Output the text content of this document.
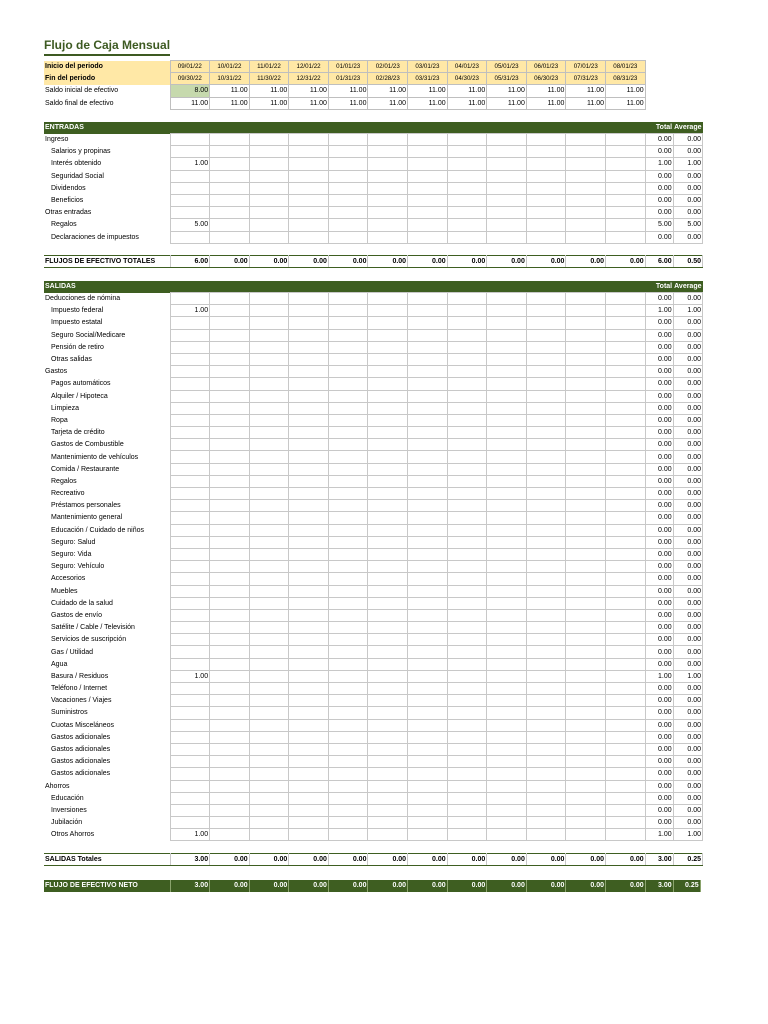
Flujo de Caja Mensual
Inicio del periodo	09/01/22	10/01/22	11/01/22	12/01/22	01/01/23	02/01/23	03/01/23	04/01/23	05/01/23	06/01/23	07/01/23	08/01/23
Fin del periodo	09/30/22	10/31/22	11/30/22	12/31/22	01/31/23	02/28/23	03/31/23	04/30/23	05/31/23	06/30/23	07/31/23	08/31/23
Saldo inicial de efectivo	8.00	11.00	11.00	11.00	11.00	11.00	11.00	11.00	11.00	11.00	11.00	11.00
Saldo final de efectivo	11.00	11.00	11.00	11.00	11.00	11.00	11.00	11.00	11.00	11.00	11.00	11.00
ENTRADAS													Total	Average
Ingreso													0.00	0.00
Salarios y propinas													0.00	0.00
Interés obtenido	1.00												1.00	1.00
Seguridad Social													0.00	0.00
Dividendos													0.00	0.00
Beneficios													0.00	0.00
Otras entradas													0.00	0.00
Regalos	5.00												5.00	5.00
Declaraciones de impuestos													0.00	0.00

FLUJOS DE EFECTIVO TOTALES	6.00	0.00	0.00	0.00	0.00	0.00	0.00	0.00	0.00	0.00	0.00	0.00	6.00	0.50
SALIDAS													Total	Average
Deducciones de nómina													0.00	0.00
Impuesto federal	1.00												1.00	1.00
Impuesto estatal													0.00	0.00
Seguro Social/Medicare													0.00	0.00
Pensión de retiro													0.00	0.00
Otras salidas													0.00	0.00
Gastos													0.00	0.00
Pagos automáticos													0.00	0.00
Alquiler / Hipoteca													0.00	0.00
Limpieza													0.00	0.00
Ropa													0.00	0.00
Tarjeta de crédito													0.00	0.00
Gastos de Combustible													0.00	0.00
Mantenimiento de vehículos													0.00	0.00
Comida / Restaurante													0.00	0.00
Regalos													0.00	0.00
Recreativo													0.00	0.00
Préstamos personales													0.00	0.00
Mantenimiento general													0.00	0.00
Educación / Cuidado de niños													0.00	0.00
Seguro: Salud													0.00	0.00
Seguro: Vida													0.00	0.00
Seguro: Vehículo													0.00	0.00
Accesorios													0.00	0.00
Muebles													0.00	0.00
Cuidado de la salud													0.00	0.00
Gastos de envío													0.00	0.00
Satélite / Cable / Televisión													0.00	0.00
Servicios de suscripción													0.00	0.00
Gas / Utilidad													0.00	0.00
Agua													0.00	0.00
Basura / Residuos	1.00												1.00	1.00
Teléfono / Internet													0.00	0.00
Vacaciones / Viajes													0.00	0.00
Suministros													0.00	0.00
Cuotas Misceláneos													0.00	0.00
Gastos adicionales													0.00	0.00
Gastos adicionales													0.00	0.00
Gastos adicionales													0.00	0.00
Gastos adicionales													0.00	0.00
Ahorros													0.00	0.00
Educación													0.00	0.00
Inversiones													0.00	0.00
Jubilación													0.00	0.00
Otros Ahorros	1.00												1.00	1.00

SALIDAS Totales	3.00	0.00	0.00	0.00	0.00	0.00	0.00	0.00	0.00	0.00	0.00	0.00	3.00	0.25
FLUJO DE EFECTIVO NETO	3.00	0.00	0.00	0.00	0.00	0.00	0.00	0.00	0.00	0.00	0.00	0.00	3.00	0.25
